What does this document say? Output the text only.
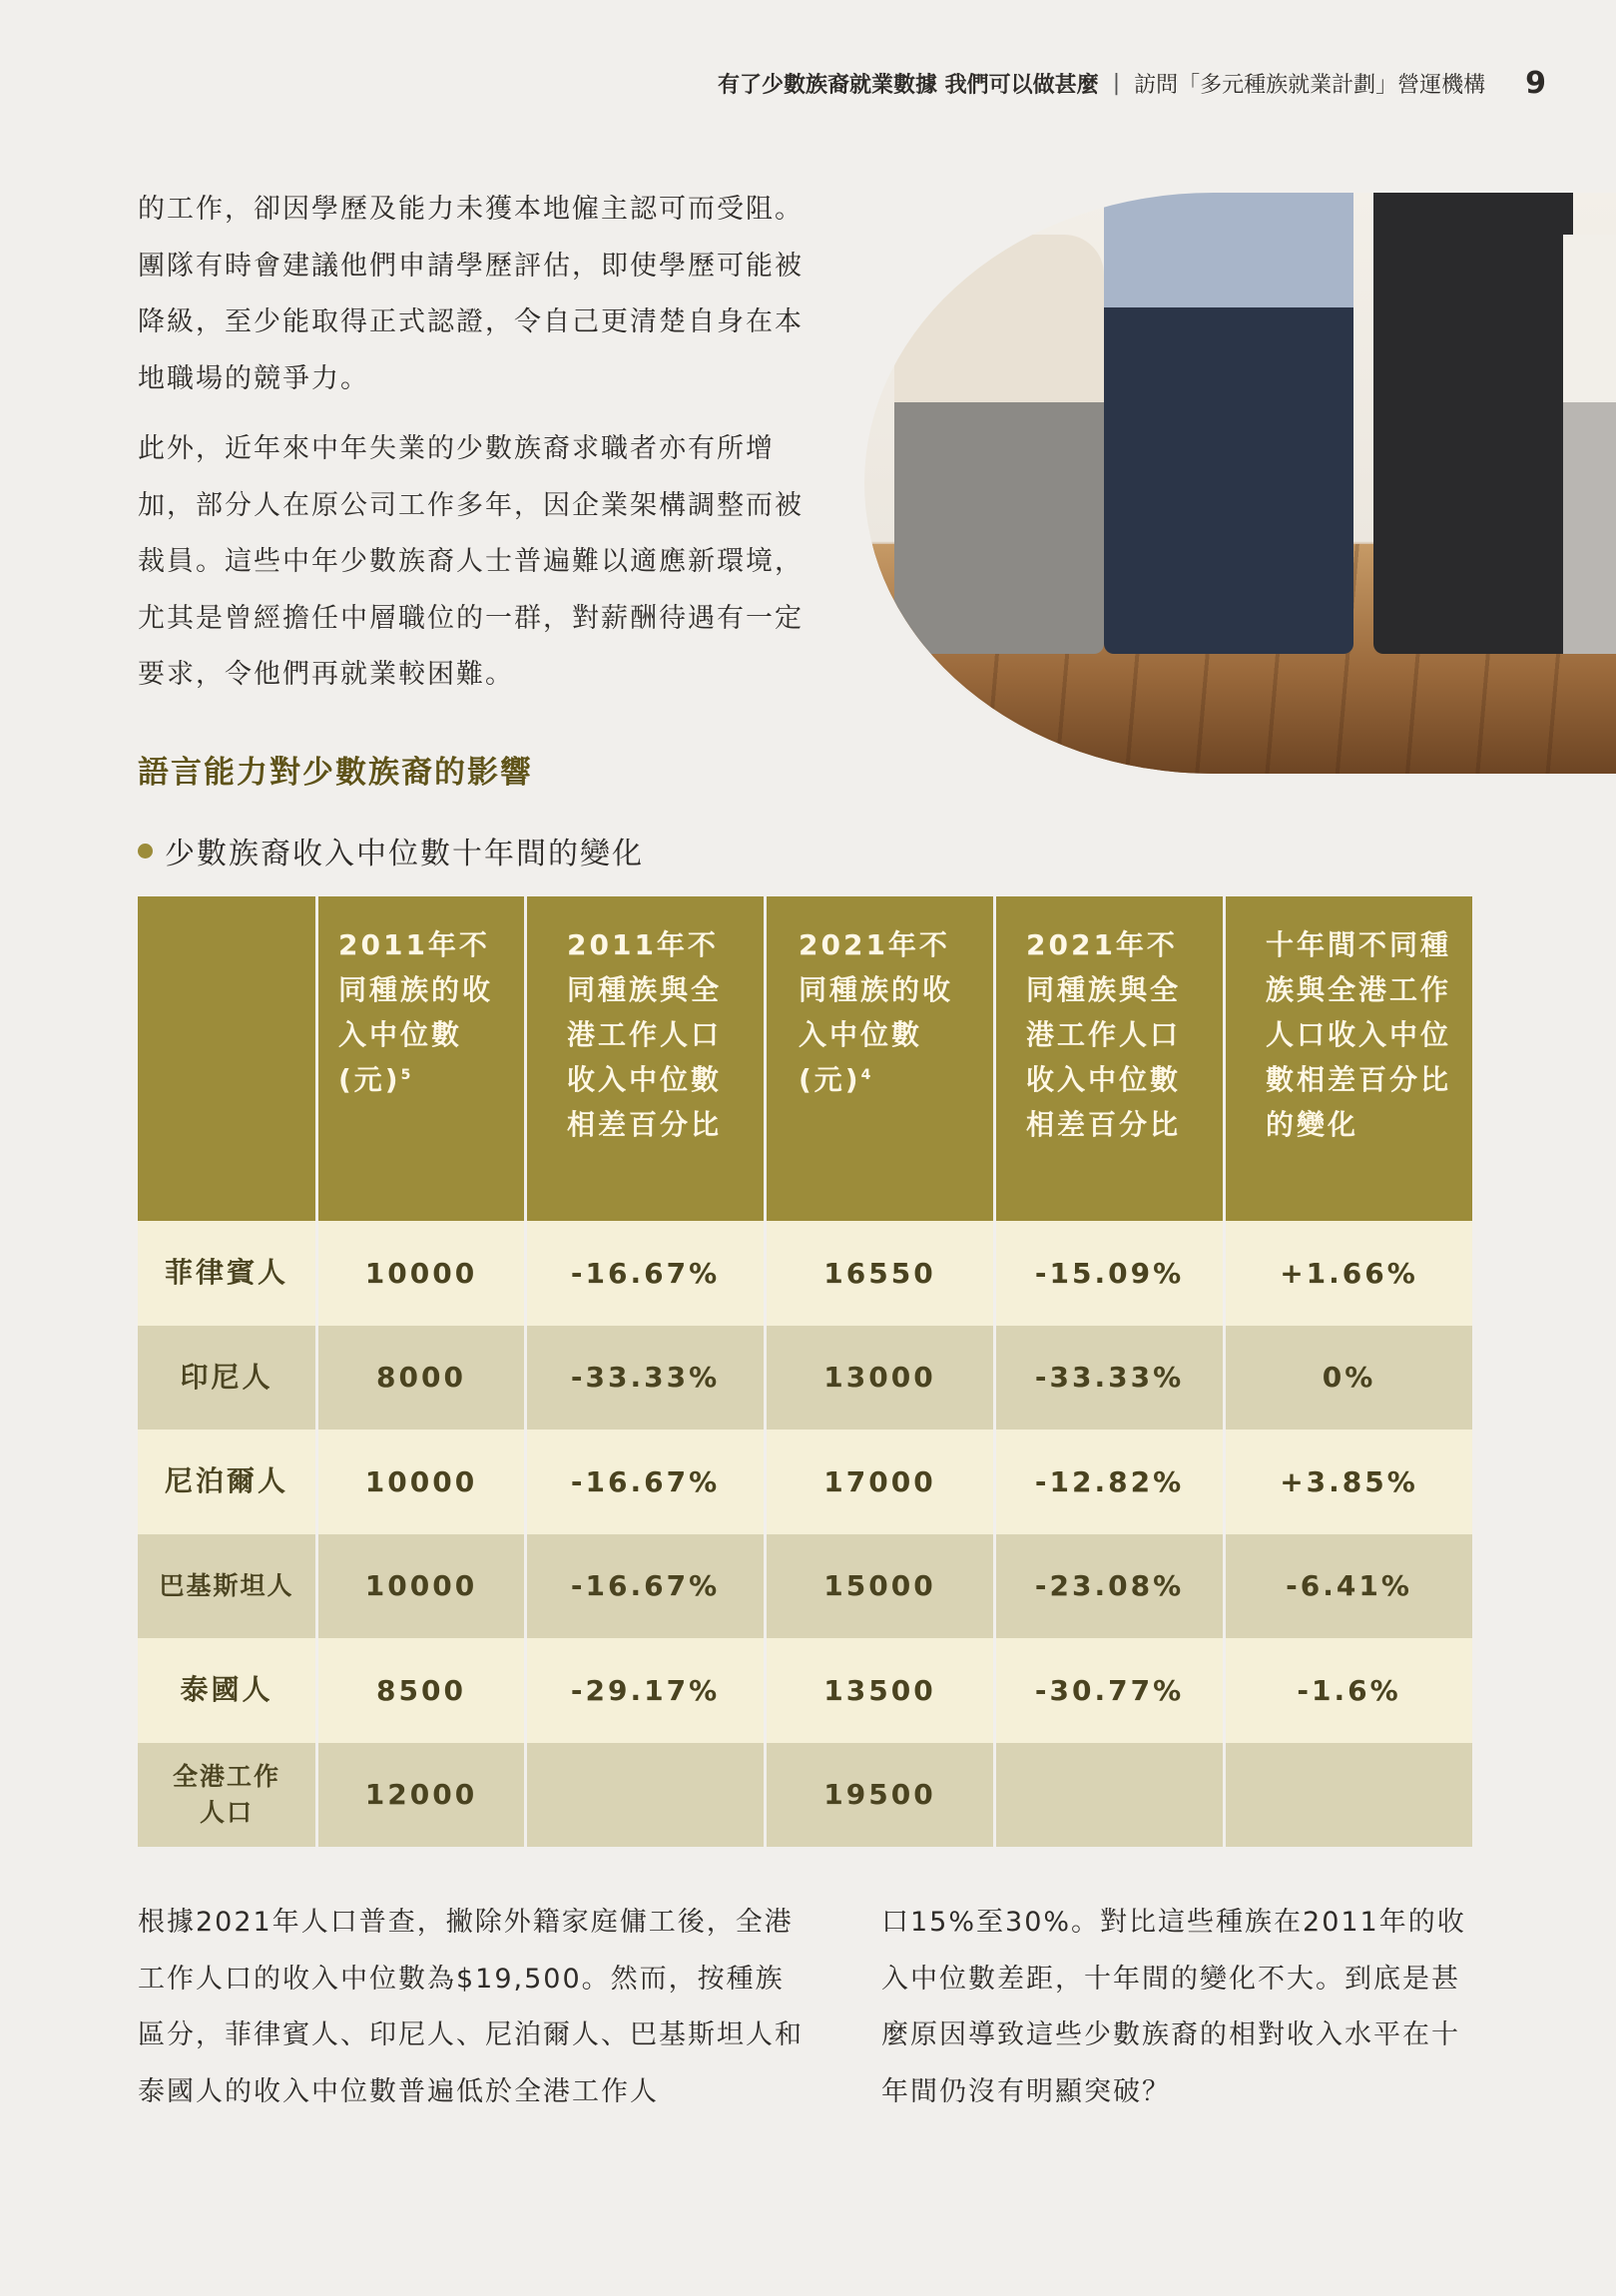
有了少數族裔就業數據 我們可以做甚麼 | 訪問「多元種族就業計劃」營運機構 9

的工作，卻因學歷及能力未獲本地僱主認可而受阻。團隊有時會建議他們申請學歷評估，即使學歷可能被降級，至少能取得正式認證，令自己更清楚自身在本地職場的競爭力。

此外，近年來中年失業的少數族裔求職者亦有所增加，部分人在原公司工作多年，因企業架構調整而被裁員。這些中年少數族裔人士普遍難以適應新環境，尤其是曾經擔任中層職位的一群，對薪酬待遇有一定要求，令他們再就業較困難。

語言能力對少數族裔的影響
少數族裔收入中位數十年間的變化
	2011年不同種族的收入中位數(元)$^5$	2011年不同種族與全港工作人口收入中位數相差百分比	2021年不同種族的收入中位數(元)$^4$	2021年不同種族與全港工作人口收入中位數相差百分比	十年間不同種族與全港工作人口收入中位數相差百分比的變化
菲律賓人	10000	-16.67%	16550	-15.09%	+1.66%
印尼人	8000	-33.33%	13000	-33.33%	0%
尼泊爾人	10000	-16.67%	17000	-12.82%	+3.85%
巴基斯坦人	10000	-16.67%	15000	-23.08%	-6.41%
泰國人	8500	-29.17%	13500	-30.77%	-1.6%
全港工作人口	12000		19500		

根據2021年人口普查，撇除外籍家庭傭工後，全港工作人口的收入中位數為$19,500。然而，按種族區分，菲律賓人、印尼人、尼泊爾人、巴基斯坦人和泰國人的收入中位數普遍低於全港工作人

口15%至30%。對比這些種族在2011年的收入中位數差距，十年間的變化不大。到底是甚麼原因導致這些少數族裔的相對收入水平在十年間仍沒有明顯突破？
